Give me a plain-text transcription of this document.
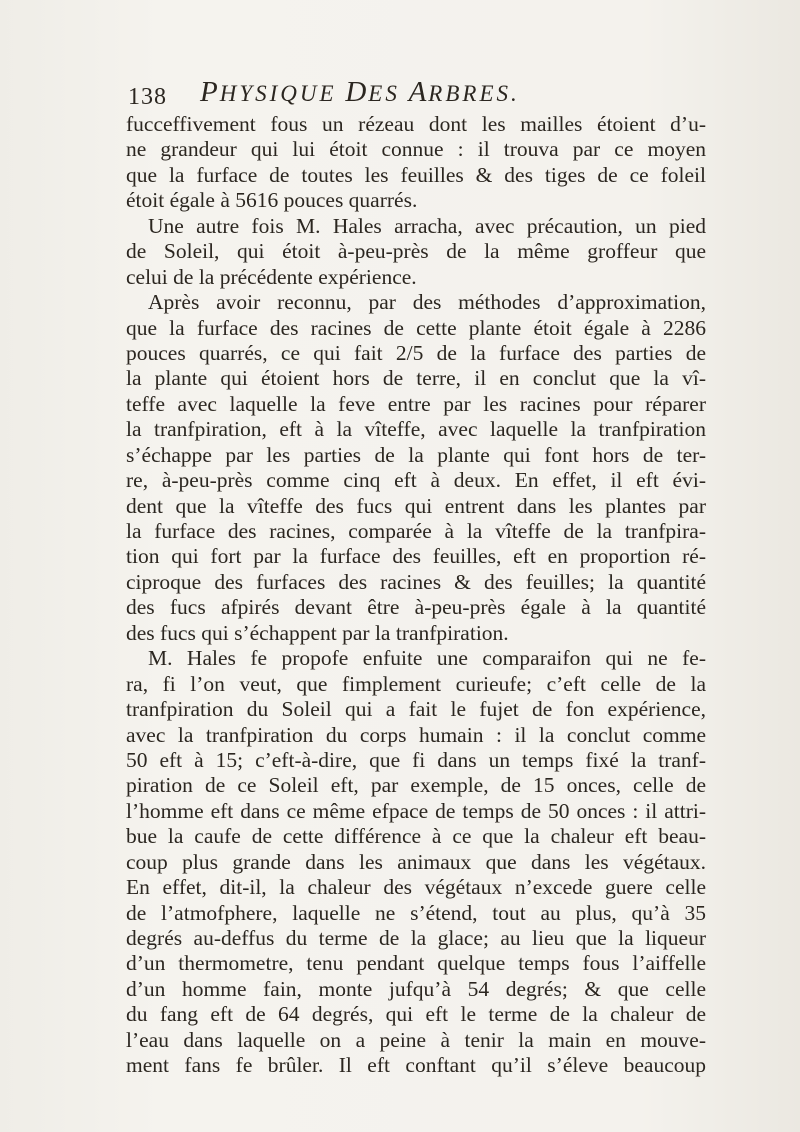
138 PHYSIQUE DES ARBRES.
fucceffivement fous un rézeau dont les mailles étoient d’u-
ne grandeur qui lui étoit connue : il trouva par ce moyen
que la furface de toutes les feuilles & des tiges de ce foleil
étoit égale à 5616 pouces quarrés.
Une autre fois M. Hales arracha, avec précaution, un pied
de Soleil, qui étoit à-peu-près de la même groffeur que
celui de la précédente expérience.
Après avoir reconnu, par des méthodes d’approximation,
que la furface des racines de cette plante étoit égale à 2286
pouces quarrés, ce qui fait 2/5 de la furface des parties de
la plante qui étoient hors de terre, il en conclut que la vî-
teffe avec laquelle la feve entre par les racines pour réparer
la tranfpiration, eft à la vîteffe, avec laquelle la tranfpiration
s’échappe par les parties de la plante qui font hors de ter-
re, à-peu-près comme cinq eft à deux. En effet, il eft évi-
dent que la vîteffe des fucs qui entrent dans les plantes par
la furface des racines, comparée à la vîteffe de la tranfpira-
tion qui fort par la furface des feuilles, eft en proportion ré-
ciproque des furfaces des racines & des feuilles; la quantité
des fucs afpirés devant être à-peu-près égale à la quantité
des fucs qui s’échappent par la tranfpiration.
M. Hales fe propofe enfuite une comparaifon qui ne fe-
ra, fi l’on veut, que fimplement curieufe; c’eft celle de la
tranfpiration du Soleil qui a fait le fujet de fon expérience,
avec la tranfpiration du corps humain : il la conclut comme
50 eft à 15; c’eft-à-dire, que fi dans un temps fixé la tranf-
piration de ce Soleil eft, par exemple, de 15 onces, celle de
l’homme eft dans ce même efpace de temps de 50 onces : il attri-
bue la caufe de cette différence à ce que la chaleur eft beau-
coup plus grande dans les animaux que dans les végétaux.
En effet, dit-il, la chaleur des végétaux n’excede guere celle
de l’atmofphere, laquelle ne s’étend, tout au plus, qu’à 35
degrés au-deffus du terme de la glace; au lieu que la liqueur
d’un thermometre, tenu pendant quelque temps fous l’aiffelle
d’un homme fain, monte jufqu’à 54 degrés; & que celle
du fang eft de 64 degrés, qui eft le terme de la chaleur de
l’eau dans laquelle on a peine à tenir la main en mouve-
ment fans fe brûler. Il eft conftant qu’il s’éleve beaucoup
